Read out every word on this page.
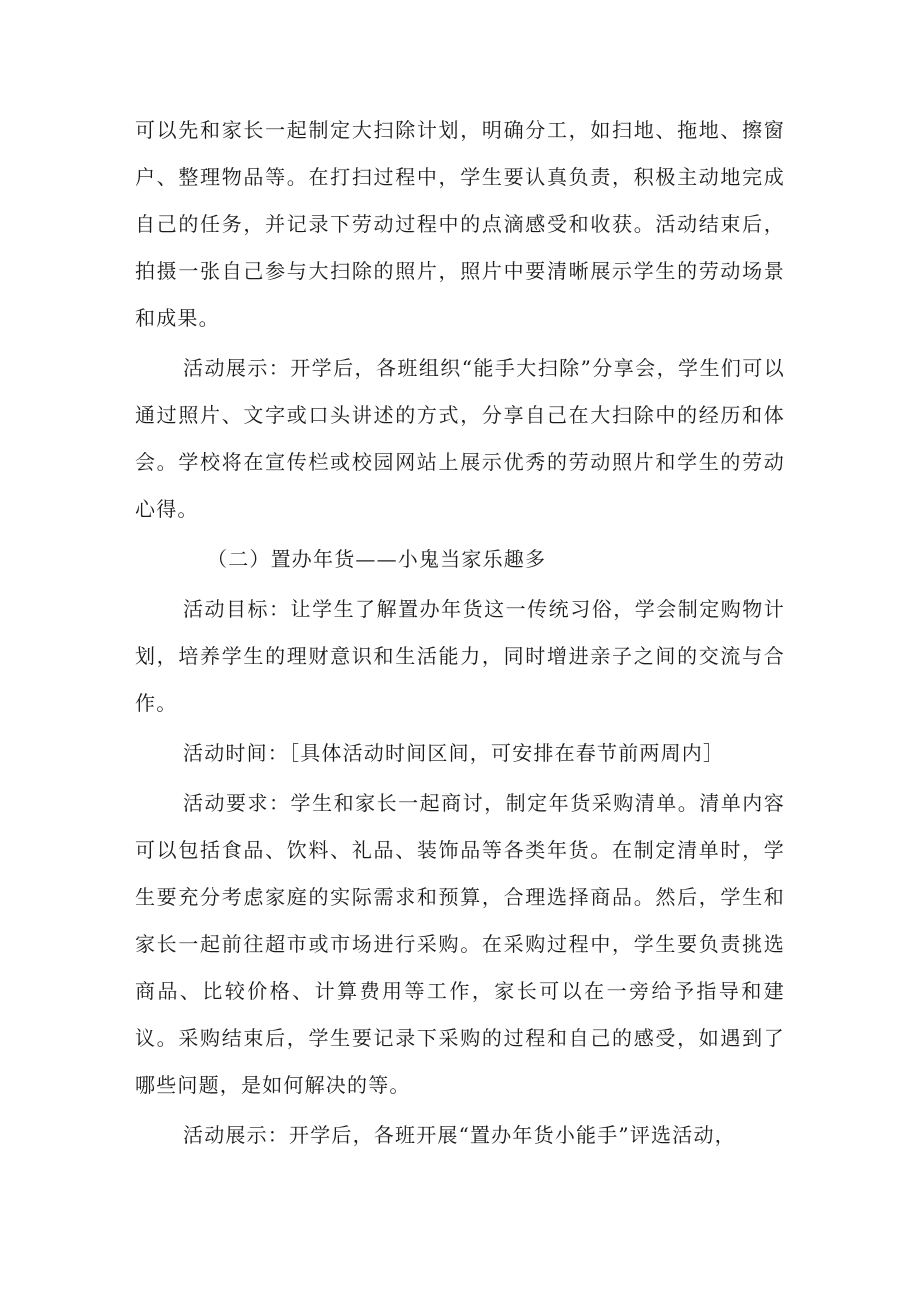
可以先和家长一起制定大扫除计划，明确分工，如扫地、拖地、擦窗户、整理物品等。在打扫过程中，学生要认真负责，积极主动地完成自己的任务，并记录下劳动过程中的点滴感受和收获。活动结束后，拍摄一张自己参与大扫除的照片，照片中要清晰展示学生的劳动场景和成果。

活动展示：开学后，各班组织“能手大扫除”分享会，学生们可以通过照片、文字或口头讲述的方式，分享自己在大扫除中的经历和体会。学校将在宣传栏或校园网站上展示优秀的劳动照片和学生的劳动心得。

（二）置办年货——小鬼当家乐趣多

活动目标：让学生了解置办年货这一传统习俗，学会制定购物计划，培养学生的理财意识和生活能力，同时增进亲子之间的交流与合作。

活动时间：［具体活动时间区间，可安排在春节前两周内］

活动要求：学生和家长一起商讨，制定年货采购清单。清单内容可以包括食品、饮料、礼品、装饰品等各类年货。在制定清单时，学生要充分考虑家庭的实际需求和预算，合理选择商品。然后，学生和家长一起前往超市或市场进行采购。在采购过程中，学生要负责挑选商品、比较价格、计算费用等工作，家长可以在一旁给予指导和建议。采购结束后，学生要记录下采购的过程和自己的感受，如遇到了哪些问题，是如何解决的等。

活动展示：开学后，各班开展“置办年货小能手”评选活动，
